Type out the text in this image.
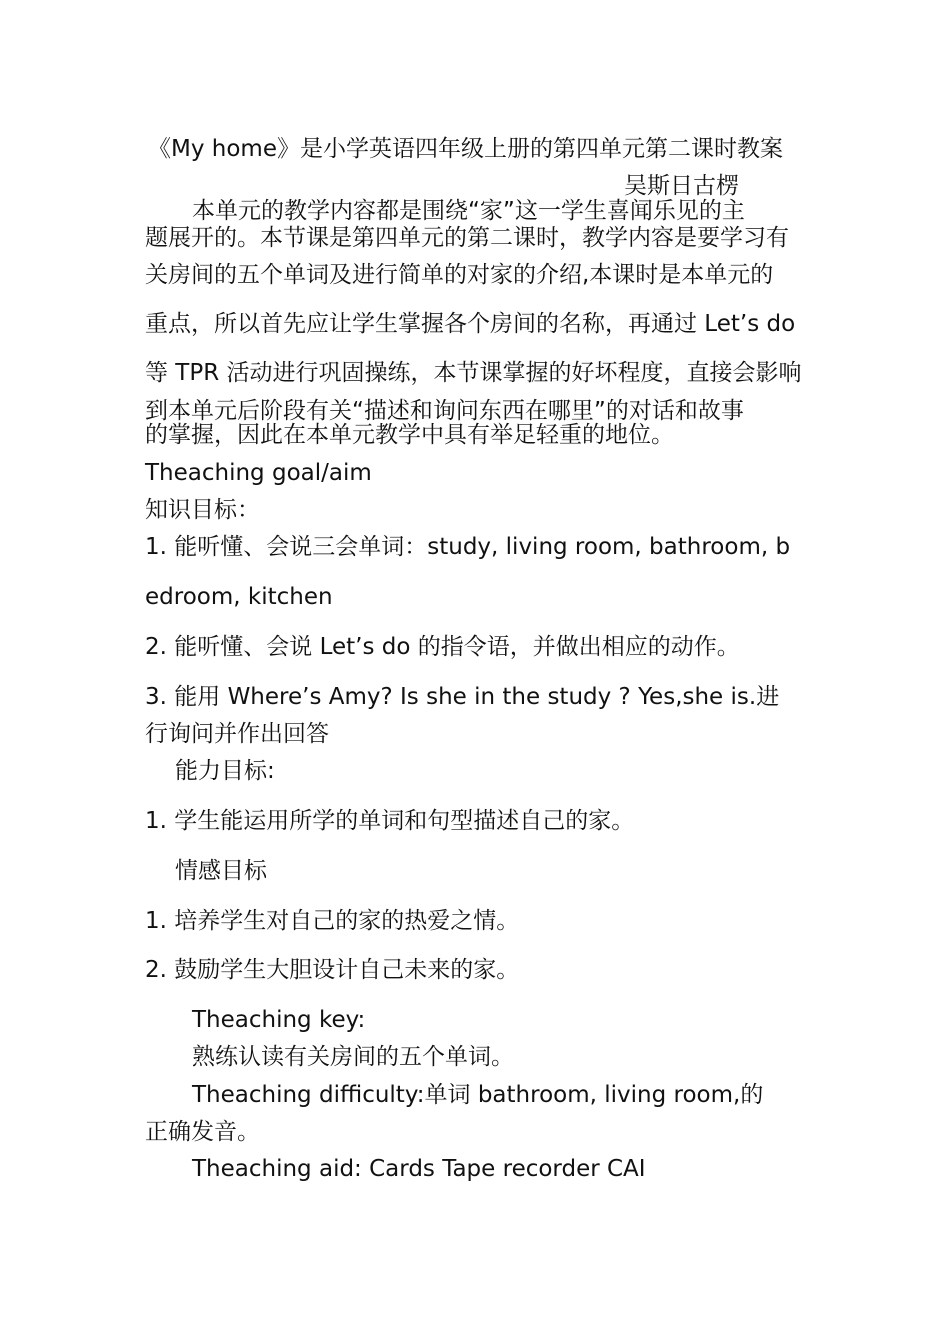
《My home》是小学英语四年级上册的第四单元第二课时教案
吴斯日古楞
本单元的教学内容都是围绕“家”这一学生喜闻乐见的主
题展开的。本节课是第四单元的第二课时，教学内容是要学习有
关房间的五个单词及进行简单的对家的介绍,本课时是本单元的
重点，所以首先应让学生掌握各个房间的名称，再通过 Let’s do
等 TPR 活动进行巩固操练，本节课掌握的好坏程度，直接会影响
到本单元后阶段有关“描述和询问东西在哪里”的对话和故事
的掌握，因此在本单元教学中具有举足轻重的地位。
Theaching goal/aim
知识目标：
1. 能听懂、会说三会单词：study, living room, bathroom, b
edroom, kitchen
2. 能听懂、会说 Let’s do 的指令语，并做出相应的动作。
3. 能用 Where’s Amy? Is she in the study ? Yes,she is.进
行询问并作出回答
能力目标:
1. 学生能运用所学的单词和句型描述自己的家。
情感目标
1. 培养学生对自己的家的热爱之情。
2. 鼓励学生大胆设计自己未来的家。
Theaching key:
熟练认读有关房间的五个单词。
Theaching difficulty:单词 bathroom, living room,的
正确发音。
Theaching aid: Cards Tape recorder CAI
